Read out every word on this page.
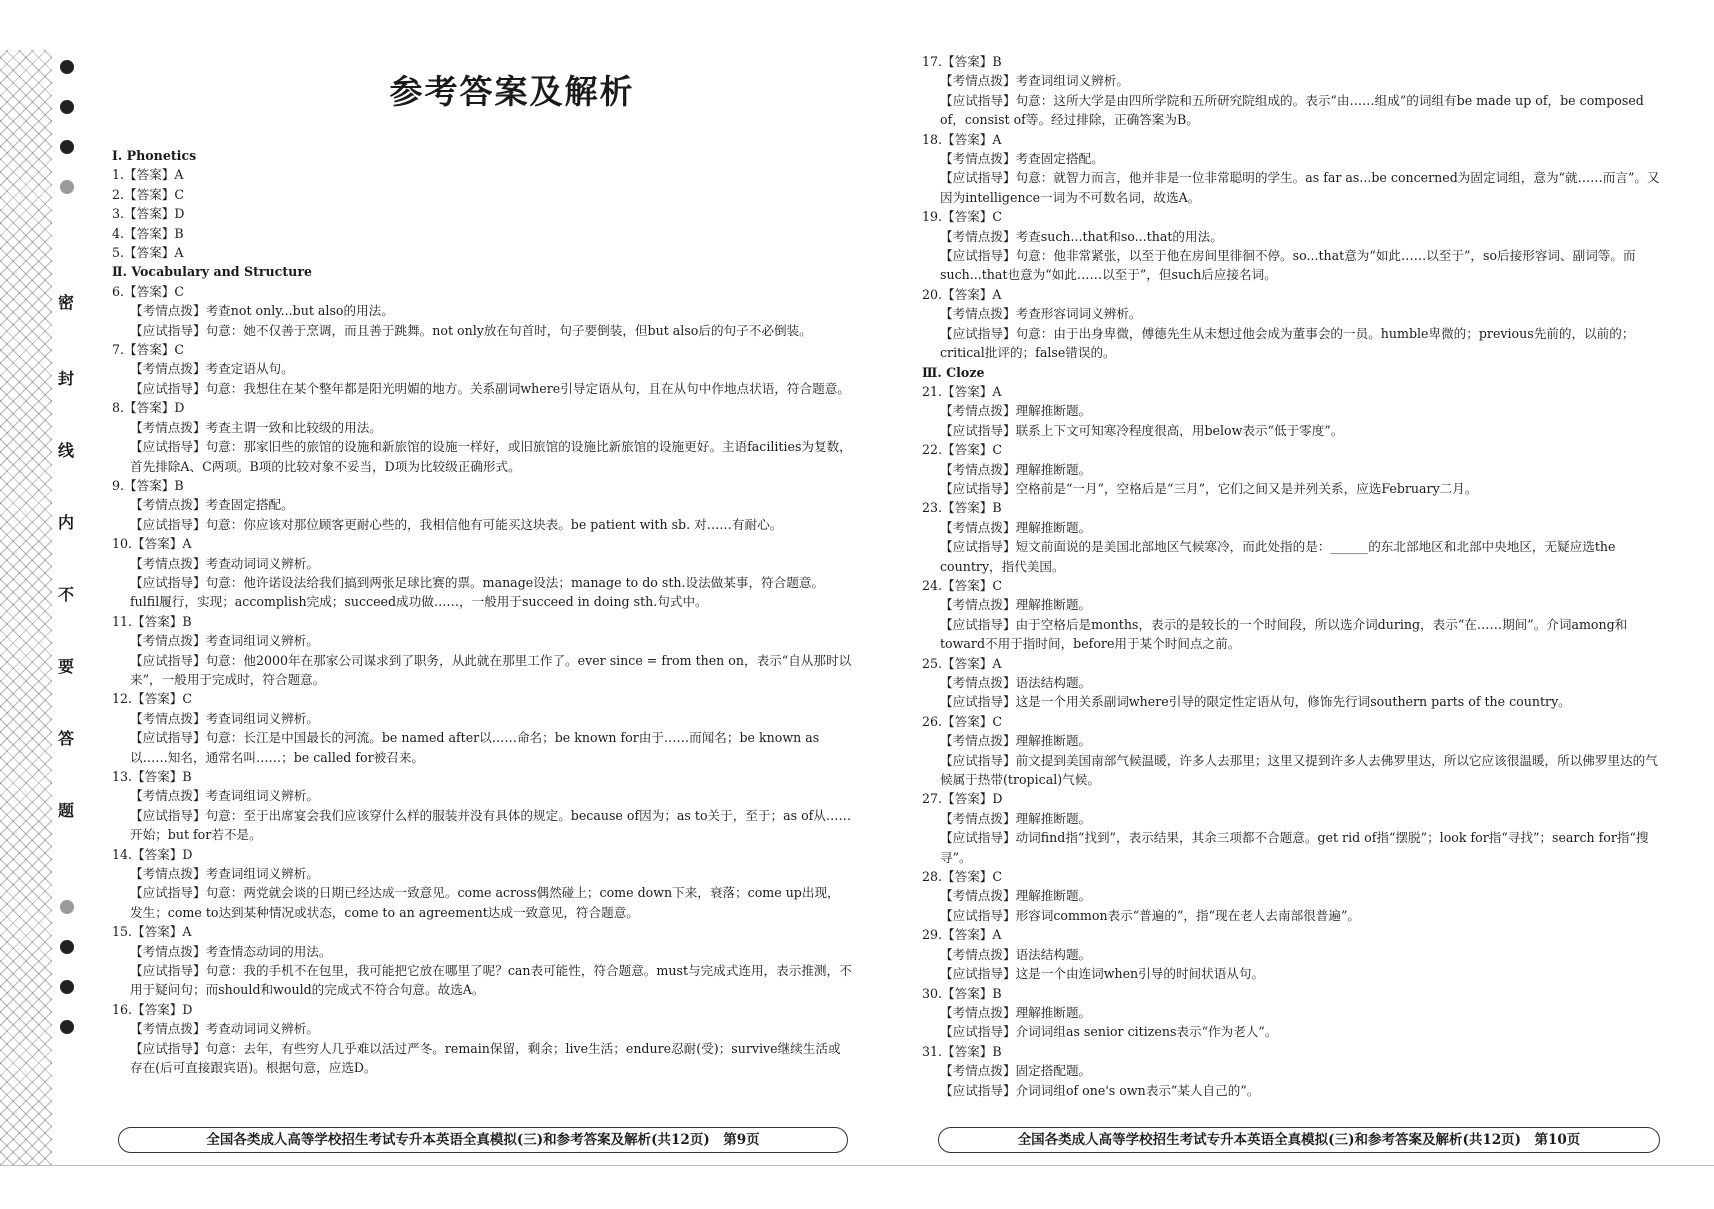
密
封
线
内
不
要
答
题
参考答案及解析
Ⅰ. Phonetics
1.【答案】A
2.【答案】C
3.【答案】D
4.【答案】B
5.【答案】A
Ⅱ. Vocabulary and Structure
6.【答案】C
【考情点拨】考查not only...but also的用法。
【应试指导】句意：她不仅善于烹调，而且善于跳舞。not only放在句首时，句子要倒装，但but also后的句子不必倒装。
7.【答案】C
【考情点拨】考查定语从句。
【应试指导】句意：我想住在某个整年都是阳光明媚的地方。关系副词where引导定语从句，且在从句中作地点状语，符合题意。
8.【答案】D
【考情点拨】考查主谓一致和比较级的用法。
【应试指导】句意：那家旧些的旅馆的设施和新旅馆的设施一样好，或旧旅馆的设施比新旅馆的设施更好。主语facilities为复数，首先排除A、C两项。B项的比较对象不妥当，D项为比较级正确形式。
9.【答案】B
【考情点拨】考查固定搭配。
【应试指导】句意：你应该对那位顾客更耐心些的，我相信他有可能买这块表。be patient with sb. 对……有耐心。
10.【答案】A
【考情点拨】考查动词词义辨析。
【应试指导】句意：他许诺设法给我们搞到两张足球比赛的票。manage设法；manage to do sth.设法做某事，符合题意。fulfil履行，实现；accomplish完成；succeed成功做……，一般用于succeed in doing sth.句式中。
11.【答案】B
【考情点拨】考查词组词义辨析。
【应试指导】句意：他2000年在那家公司谋求到了职务，从此就在那里工作了。ever since = from then on，表示“自从那时以来”，一般用于完成时，符合题意。
12.【答案】C
【考情点拨】考查词组词义辨析。
【应试指导】句意：长江是中国最长的河流。be named after以……命名；be known for由于……而闻名；be known as以……知名，通常名叫……；be called for被召来。
13.【答案】B
【考情点拨】考查词组词义辨析。
【应试指导】句意：至于出席宴会我们应该穿什么样的服装并没有具体的规定。because of因为；as to关于，至于；as of从……开始；but for若不是。
14.【答案】D
【考情点拨】考查词组词义辨析。
【应试指导】句意：两党就会谈的日期已经达成一致意见。come across偶然碰上；come down下来，衰落；come up出现，发生；come to达到某种情况或状态，come to an agreement达成一致意见，符合题意。
15.【答案】A
【考情点拨】考查情态动词的用法。
【应试指导】句意：我的手机不在包里，我可能把它放在哪里了呢？can表可能性，符合题意。must与完成式连用，表示推测，不用于疑问句；而should和would的完成式不符合句意。故选A。
16.【答案】D
【考情点拨】考查动词词义辨析。
【应试指导】句意：去年，有些穷人几乎难以活过严冬。remain保留，剩余；live生活；endure忍耐(受)；survive继续生活或存在(后可直接跟宾语)。根据句意，应选D。
17.【答案】B
【考情点拨】考查词组词义辨析。
【应试指导】句意：这所大学是由四所学院和五所研究院组成的。表示“由……组成”的词组有be made up of，be composed of，consist of等。经过排除，正确答案为B。
18.【答案】A
【考情点拨】考查固定搭配。
【应试指导】句意：就智力而言，他并非是一位非常聪明的学生。as far as...be concerned为固定词组，意为“就……而言”。又因为intelligence一词为不可数名词，故选A。
19.【答案】C
【考情点拨】考查such...that和so...that的用法。
【应试指导】句意：他非常紧张，以至于他在房间里徘徊不停。so...that意为“如此……以至于”，so后接形容词、副词等。而such...that也意为“如此……以至于”，但such后应接名词。
20.【答案】A
【考情点拨】考查形容词词义辨析。
【应试指导】句意：由于出身卑微，傅德先生从未想过他会成为董事会的一员。humble卑微的；previous先前的，以前的；critical批评的；false错误的。
Ⅲ. Cloze
21.【答案】A
【考情点拨】理解推断题。
【应试指导】联系上下文可知寒冷程度很高，用below表示“低于零度”。
22.【答案】C
【考情点拨】理解推断题。
【应试指导】空格前是“一月”，空格后是“三月”，它们之间又是并列关系，应选February二月。
23.【答案】B
【考情点拨】理解推断题。
【应试指导】短文前面说的是美国北部地区气候寒冷，而此处指的是：______的东北部地区和北部中央地区，无疑应选the country，指代美国。
24.【答案】C
【考情点拨】理解推断题。
【应试指导】由于空格后是months，表示的是较长的一个时间段，所以选介词during，表示“在……期间”。介词among和toward不用于指时间，before用于某个时间点之前。
25.【答案】A
【考情点拨】语法结构题。
【应试指导】这是一个用关系副词where引导的限定性定语从句，修饰先行词southern parts of the country。
26.【答案】C
【考情点拨】理解推断题。
【应试指导】前文提到美国南部气候温暖，许多人去那里；这里又提到许多人去佛罗里达，所以它应该很温暖，所以佛罗里达的气候属于热带(tropical)气候。
27.【答案】D
【考情点拨】理解推断题。
【应试指导】动词find指“找到”，表示结果，其余三项都不合题意。get rid of指“摆脱”；look for指“寻找”；search for指“搜寻”。
28.【答案】C
【考情点拨】理解推断题。
【应试指导】形容词common表示“普遍的”，指“现在老人去南部很普遍”。
29.【答案】A
【考情点拨】语法结构题。
【应试指导】这是一个由连词when引导的时间状语从句。
30.【答案】B
【考情点拨】理解推断题。
【应试指导】介词词组as senior citizens表示“作为老人”。
31.【答案】B
【考情点拨】固定搭配题。
【应试指导】介词词组of one's own表示“某人自己的”。
全国各类成人高等学校招生考试专升本英语全真模拟(三)和参考答案及解析(共12页)　第9页	全国各类成人高等学校招生考试专升本英语全真模拟(三)和参考答案及解析(共12页)　第10页
